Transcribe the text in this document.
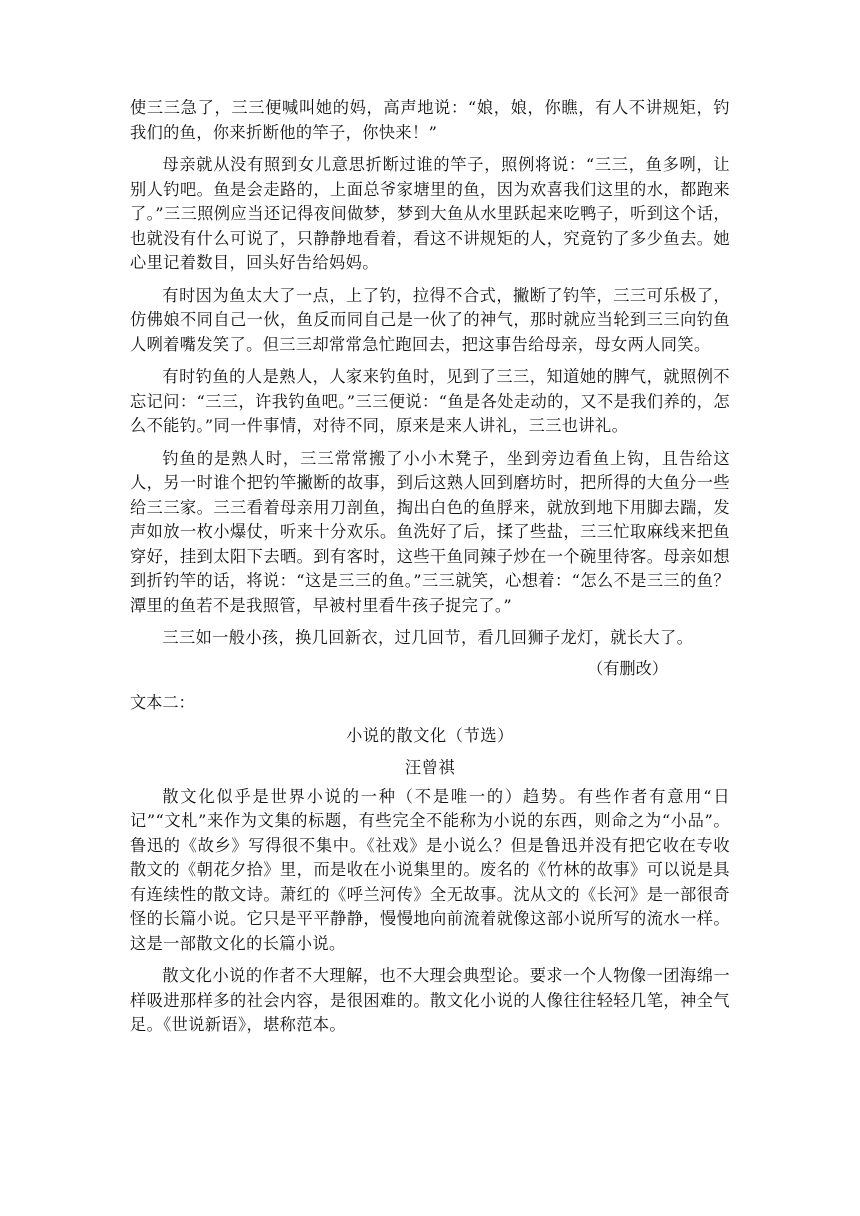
使三三急了，三三便喊叫她的妈，高声地说：“娘，娘，你瞧，有人不讲规矩，钓我们的鱼，你来折断他的竿子，你快来！”

母亲就从没有照到女儿意思折断过谁的竿子，照例将说：“三三，鱼多咧，让别人钓吧。鱼是会走路的，上面总爷家塘里的鱼，因为欢喜我们这里的水，都跑来了。”三三照例应当还记得夜间做梦，梦到大鱼从水里跃起来吃鸭子，听到这个话，也就没有什么可说了，只静静地看着，看这不讲规矩的人，究竟钓了多少鱼去。她心里记着数目，回头好告给妈妈。

有时因为鱼太大了一点，上了钓，拉得不合式，撇断了钓竿，三三可乐极了，仿佛娘不同自己一伙，鱼反而同自己是一伙了的神气，那时就应当轮到三三向钓鱼人咧着嘴发笑了。但三三却常常急忙跑回去，把这事告给母亲，母女两人同笑。

有时钓鱼的人是熟人，人家来钓鱼时，见到了三三，知道她的脾气，就照例不忘记问：“三三，许我钓鱼吧。”三三便说：“鱼是各处走动的，又不是我们养的，怎么不能钓。”同一件事情，对待不同，原来是来人讲礼，三三也讲礼。

钓鱼的是熟人时，三三常常搬了小小木凳子，坐到旁边看鱼上钩，且告给这人，另一时谁个把钓竿撇断的故事，到后这熟人回到磨坊时，把所得的大鱼分一些给三三家。三三看着母亲用刀剖鱼，掏出白色的鱼脬来，就放到地下用脚去踹，发声如放一枚小爆仗，听来十分欢乐。鱼洗好了后，揉了些盐，三三忙取麻线来把鱼穿好，挂到太阳下去晒。到有客时，这些干鱼同辣子炒在一个碗里待客。母亲如想到折钓竿的话，将说：“这是三三的鱼。”三三就笑，心想着：“怎么不是三三的鱼？潭里的鱼若不是我照管，早被村里看牛孩子捉完了。”

三三如一般小孩，换几回新衣，过几回节，看几回狮子龙灯，就长大了。

（有删改）
文本二：
小说的散文化（节选）
汪曾祺

散文化似乎是世界小说的一种（不是唯一的）趋势。有些作者有意用“日记”“文札”来作为文集的标题，有些完全不能称为小说的东西，则命之为“小品”。鲁迅的《故乡》写得很不集中。《社戏》是小说么？但是鲁迅并没有把它收在专收散文的《朝花夕拾》里，而是收在小说集里的。废名的《竹林的故事》可以说是具有连续性的散文诗。萧红的《呼兰河传》全无故事。沈从文的《长河》是一部很奇怪的长篇小说。它只是平平静静，慢慢地向前流着就像这部小说所写的流水一样。这是一部散文化的长篇小说。

散文化小说的作者不大理解，也不大理会典型论。要求一个人物像一团海绵一样吸进那样多的社会内容，是很困难的。散文化小说的人像往往轻轻几笔，神全气足。《世说新语》，堪称范本。
